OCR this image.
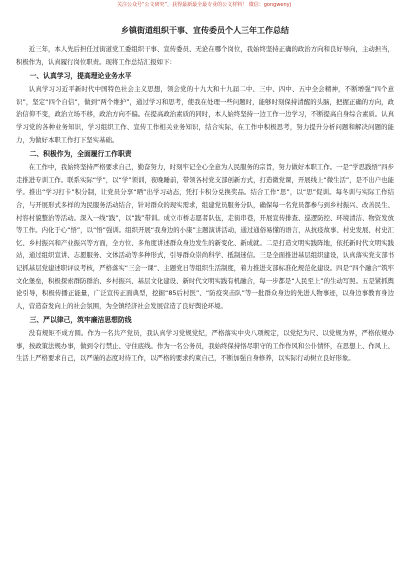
关注公众号“公文研究”，获得最新最全最专业的公文材料！ 微信：gongwenyj
乡镇街道组织干事、宣传委员个人三年工作总结

近三年，本人先后担任过街道党工委组织干事、宣传委员、无论在哪个岗位，我始终坚持正确的政治方向和良好导向，主动担当，积极作为，认真履行岗位职责。现将工作总结汇报如下：

一、认真学习，提高理论业务水平

认真学习习近平新时代中国特色社会主义思想，领会党的十九大和十九届二中、三中、四中、五中全会精神，不断增强“四个意识”，坚定“四个自信”，做到“两个维护”，通过学习和思考，使我在处理一些问题时，能够时刻保持清醒的头脑，把握正确的方向，政治信仰不变，政治立场不移，政治方向不偏。在提高政治素质的同时，本人始终坚持一边工作一边学习，不断提高自身综合素质。认真学习党的各种业务知识，学习组织工作、宣传工作相关业务知识，结合实际，在工作中积极思考，努力提升分析问题和解决问题的能力，为做好本职工作打下坚实基础。

二、积极作为，全面履行工作职责

在工作中，我始终坚持严格要求自己，勤奋努力，时刻牢记全心全意为人民服务的宗旨，努力做好本职工作。一是“学思践悟”四步走推进专训工作。联系实际“学”，以“学”领训，夜晚睡前，带领各村党支部创新方式，打造微党课，开展线上“微生活”，是不出户也能学。推出“学习打卡”积分制，让党员分享“晒”出学习动态，凭打卡积分兑换奖品。结合工作“思”，以“思”促训。每冬训与实际工作结合，与开展形式多样的为民服务活动结合，针对群众的现实需求，组建党员服务分队，确保每一名党员都参与到乡村振兴、改善民生、村容村貌整治等活动。深入一线“践”，以“践”带训。成立市桥志愿者队伍，走街串巷，开展宣传排查、巡逻防控、环境清洁、物资发放等工作。内化于心“悟”，以“悟”强训。组织开展“我身边的小康”主题演讲活动，通过通俗易懂的语言，从抗疫故事、村史发展、村史汇忆、乡村振兴和产业振兴等方面，全方位、多角度讲述群众身边发生的新变化、新成就。二是打造文明实践阵地，依托新时代文明实践站，通过组织宣讲、志愿服务、文体活动等多种形式，引导群众崇尚科学、抵制迷信。三是全面推进基层组织建设，认真落实党支部书记抓基层党建述职评议考核，严格落实“三会一课”、主题党日等组织生活制度，着力推进支部标准化规范化建设。四是“四个融合”筑牢文化堡垒，积极探索群防群治、乡村振兴、基层文化建设、新时代文明实践有机融合，每一步都是“人民至上”的生动写照。五是紧抓舆论引导，积极传播正能量，广泛宣传正面典型，挖掘“85后村医”、“防疫突击队”等一批群众身边的先进人物事迹，以身边事教育身边人，营造奋发向上的社会氛围，为全镇经济社会发展营造了良好舆论环境。

三、严以律己，筑牢廉洁思想防线

没有规矩不成方圆。作为一名共产党员，我认真学习党规党纪，严格落实中央八项规定，以党纪为尺、以党规为界，严格依规办事，按政策法规办事，做到令行禁止、守住底线。作为一名公务员，我始终保持恪尽职守的工作作风和公仆情怀，在思想上、作风上、生活上严格要求自己，以严谨的态度对待工作，以严格的要求约束自己，不断加强自身修养，以实际行动树立良好形象。
